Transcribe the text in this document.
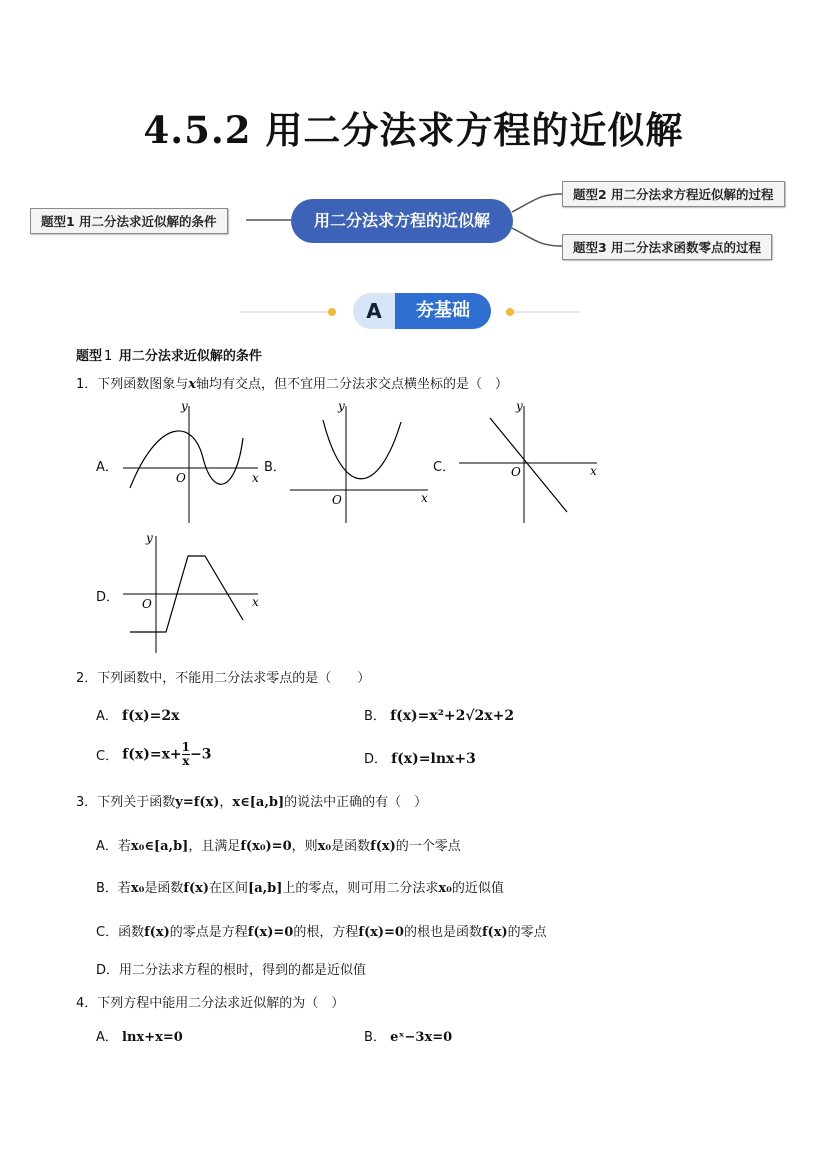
4.5.2 用二分法求方程的近似解
题型1 用二分法求近似解的条件	用二分法求方程的近似解
题型2 用二分法求方程近似解的过程
题型3 用二分法求函数零点的过程
A	夯基础
题型 1 用二分法求近似解的条件
1．下列函数图象与x轴均有交点，但不宜用二分法求交点横坐标的是（　）
A．
y
x
O
B．
y
x
O
C．
y
x
O
D．
y
x
O
2．下列函数中，不能用二分法求零点的是（　　）
A． f(x)=2x	B． f(x)=x²+2√2x+2
C． $f(x)=x+ \frac{1}{x} -3$	D． f(x)=lnx+3
3．下列关于函数y=f(x)，x∈[a,b]的说法中正确的有（　）
A．若x₀∈[a,b]，且满足f(x₀)=0，则x₀是函数f(x)的一个零点
B．若x₀是函数f(x)在区间[a,b]上的零点，则可用二分法求x₀的近似值
C．函数f(x)的零点是方程f(x)=0的根，方程f(x)=0的根也是函数f(x)的零点
D．用二分法求方程的根时，得到的都是近似值
4．下列方程中能用二分法求近似解的为（　）
A． lnx+x=0	B． eˣ−3x=0
